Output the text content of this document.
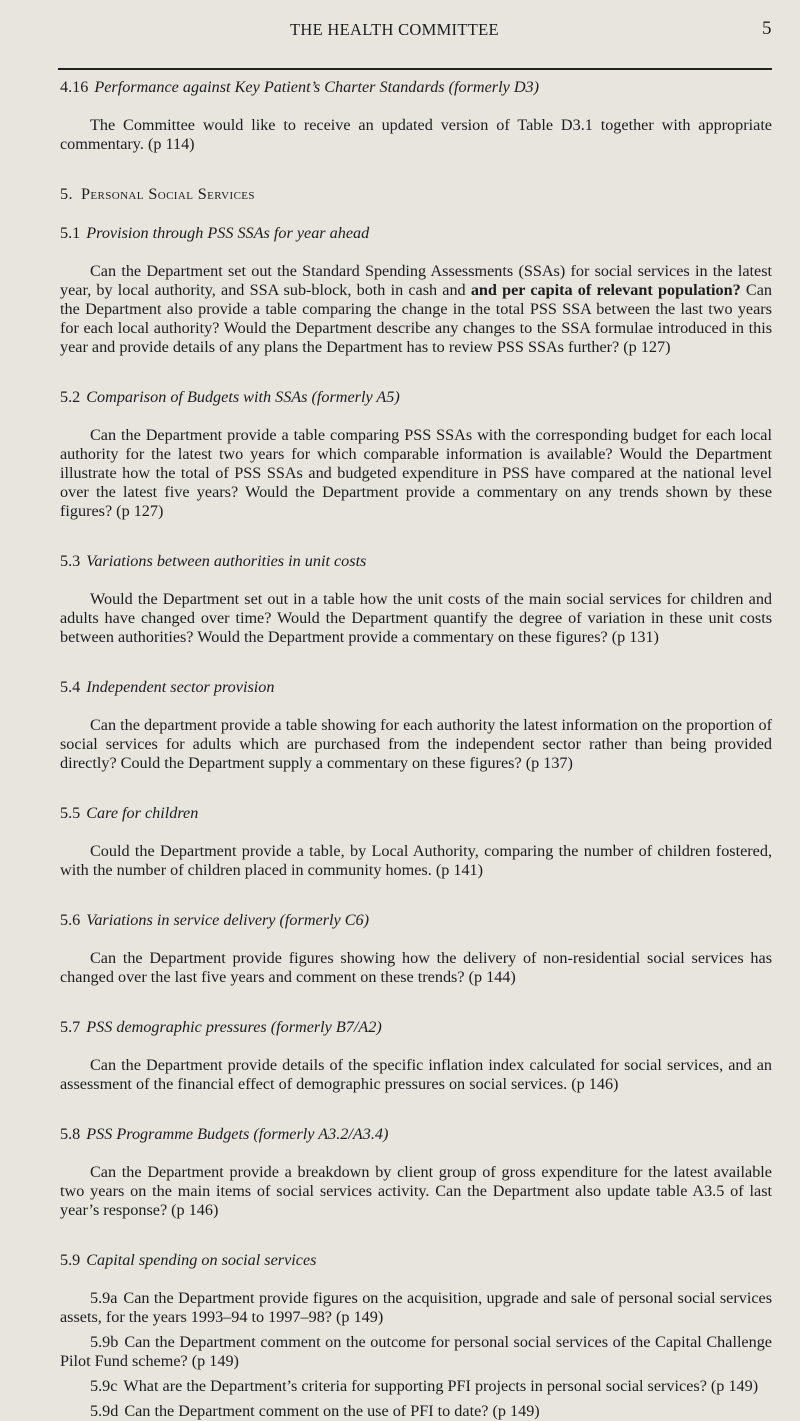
THE HEALTH COMMITTEE	5
4.16 Performance against Key Patient’s Charter Standards (formerly D3)

The Committee would like to receive an updated version of Table D3.1 together with appropriate commentary. (p 114)

5. Personal Social Services
5.1 Provision through PSS SSAs for year ahead

Can the Department set out the Standard Spending Assessments (SSAs) for social services in the latest year, by local authority, and SSA sub-block, both in cash and and per capita of relevant population? Can the Department also provide a table comparing the change in the total PSS SSA between the last two years for each local authority? Would the Department describe any changes to the SSA formulae introduced in this year and provide details of any plans the Department has to review PSS SSAs further? (p 127)

5.2 Comparison of Budgets with SSAs (formerly A5)

Can the Department provide a table comparing PSS SSAs with the corresponding budget for each local authority for the latest two years for which comparable information is available? Would the Department illustrate how the total of PSS SSAs and budgeted expenditure in PSS have compared at the national level over the latest five years? Would the Department provide a commentary on any trends shown by these figures? (p 127)

5.3 Variations between authorities in unit costs

Would the Department set out in a table how the unit costs of the main social services for children and adults have changed over time? Would the Department quantify the degree of variation in these unit costs between authorities? Would the Department provide a commentary on these figures? (p 131)

5.4 Independent sector provision

Can the department provide a table showing for each authority the latest information on the proportion of social services for adults which are purchased from the independent sector rather than being provided directly? Could the Department supply a commentary on these figures? (p 137)

5.5 Care for children

Could the Department provide a table, by Local Authority, comparing the number of children fostered, with the number of children placed in community homes. (p 141)

5.6 Variations in service delivery (formerly C6)

Can the Department provide figures showing how the delivery of non-residential social services has changed over the last five years and comment on these trends? (p 144)

5.7 PSS demographic pressures (formerly B7/A2)

Can the Department provide details of the specific inflation index calculated for social services, and an assessment of the financial effect of demographic pressures on social services. (p 146)

5.8 PSS Programme Budgets (formerly A3.2/A3.4)

Can the Department provide a breakdown by client group of gross expenditure for the latest available two years on the main items of social services activity. Can the Department also update table A3.5 of last year’s response? (p 146)

5.9 Capital spending on social services

5.9a Can the Department provide figures on the acquisition, upgrade and sale of personal social services assets, for the years 1993–94 to 1997–98? (p 149)

5.9b Can the Department comment on the outcome for personal social services of the Capital Challenge Pilot Fund scheme? (p 149)

5.9c What are the Department’s criteria for supporting PFI projects in personal social services? (p 149)

5.9d Can the Department comment on the use of PFI to date? (p 149)
